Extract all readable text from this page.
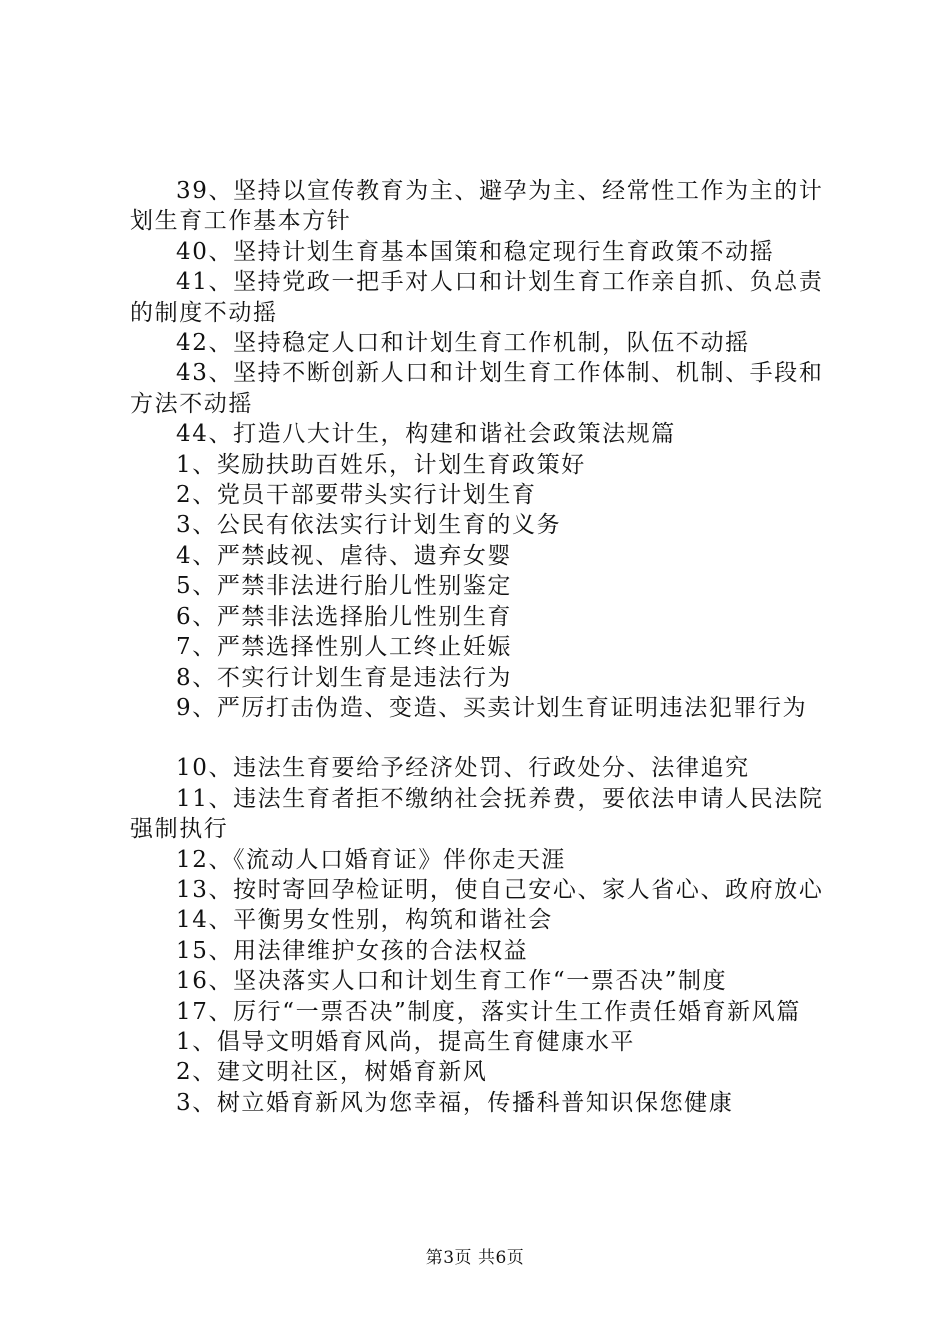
39、坚持以宣传教育为主、避孕为主、经常性工作为主的计划生育工作基本方针

40、坚持计划生育基本国策和稳定现行生育政策不动摇

41、坚持党政一把手对人口和计划生育工作亲自抓、负总责的制度不动摇

42、坚持稳定人口和计划生育工作机制，队伍不动摇

43、坚持不断创新人口和计划生育工作体制、机制、手段和方法不动摇

44、打造八大计生，构建和谐社会政策法规篇

1、奖励扶助百姓乐，计划生育政策好

2、党员干部要带头实行计划生育

3、公民有依法实行计划生育的义务

4、严禁歧视、虐待、遗弃女婴

5、严禁非法进行胎儿性别鉴定

6、严禁非法选择胎儿性别生育

7、严禁选择性别人工终止妊娠

8、不实行计划生育是违法行为

9、严厉打击伪造、变造、买卖计划生育证明违法犯罪行为

10、违法生育要给予经济处罚、行政处分、法律追究

11、违法生育者拒不缴纳社会抚养费，要依法申请人民法院强制执行

12、《流动人口婚育证》伴你走天涯

13、按时寄回孕检证明，使自己安心、家人省心、政府放心

14、平衡男女性别，构筑和谐社会

15、用法律维护女孩的合法权益

16、坚决落实人口和计划生育工作“一票否决”制度

17、厉行“一票否决”制度，落实计生工作责任婚育新风篇

1、倡导文明婚育风尚，提高生育健康水平

2、建文明社区，树婚育新风

3、树立婚育新风为您幸福，传播科普知识保您健康

第3页 共6页
